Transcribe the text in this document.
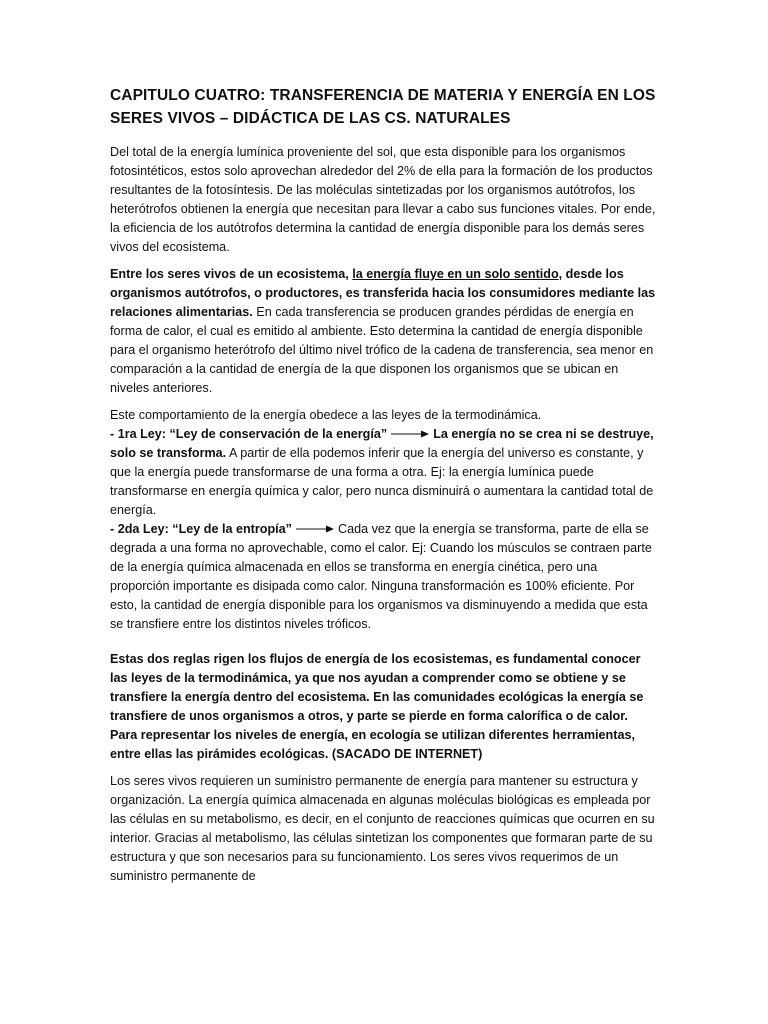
CAPITULO CUATRO: TRANSFERENCIA DE MATERIA Y ENERGÍA EN LOS SERES VIVOS – DIDÁCTICA DE LAS CS. NATURALES

Del total de la energía lumínica proveniente del sol, que esta disponible para los organismos fotosintéticos, estos solo aprovechan alrededor del 2% de ella para la formación de los productos resultantes de la fotosíntesis. De las moléculas sintetizadas por los organismos autótrofos, los heterótrofos obtienen la energía que necesitan para llevar a cabo sus funciones vitales. Por ende, la eficiencia de los autótrofos determina la cantidad de energía disponible para los demás seres vivos del ecosistema.

Entre los seres vivos de un ecosistema, la energía fluye en un solo sentido, desde los organismos autótrofos, o productores, es transferida hacia los consumidores mediante las relaciones alimentarias. En cada transferencia se producen grandes pérdidas de energía en forma de calor, el cual es emitido al ambiente. Esto determina la cantidad de energía disponible para el organismo heterótrofo del último nivel trófico de la cadena de transferencia, sea menor en comparación a la cantidad de energía de la que disponen los organismos que se ubican en niveles anteriores.

Este comportamiento de la energía obedece a las leyes de la termodinámica.
- 1ra Ley: “Ley de conservación de la energía”	La energía no se crea ni se destruye, solo se transforma. A partir de ella podemos inferir que la energía del universo es constante, y que la energía puede transformarse de una forma a otra. Ej: la energía lumínica puede transformarse en energía química y calor, pero nunca disminuirá o aumentara la cantidad total de energía.
- 2da Ley: “Ley de la entropía”	Cada vez que la energía se transforma, parte de ella se degrada a una forma no aprovechable, como el calor. Ej: Cuando los músculos se contraen parte de la energía química almacenada en ellos se transforma en energía cinética, pero una proporción importante es disipada como calor. Ninguna transformación es 100% eficiente. Por esto, la cantidad de energía disponible para los organismos va disminuyendo a medida que esta se transfiere entre los distintos niveles tróficos.

Estas dos reglas rigen los flujos de energía de los ecosistemas, es fundamental conocer las leyes de la termodinámica, ya que nos ayudan a comprender como se obtiene y se transfiere la energía dentro del ecosistema. En las comunidades ecológicas la energía se transfiere de unos organismos a otros, y parte se pierde en forma calorífica o de calor. Para representar los niveles de energía, en ecología se utilizan diferentes herramientas, entre ellas las pirámides ecológicas. (SACADO DE INTERNET)

Los seres vivos requieren un suministro permanente de energía para mantener su estructura y organización. La energía química almacenada en algunas moléculas biológicas es empleada por las células en su metabolismo, es decir, en el conjunto de reacciones químicas que ocurren en su interior. Gracias al metabolismo, las células sintetizan los componentes que formaran parte de su estructura y que son necesarios para su funcionamiento. Los seres vivos requerimos de un suministro permanente de
